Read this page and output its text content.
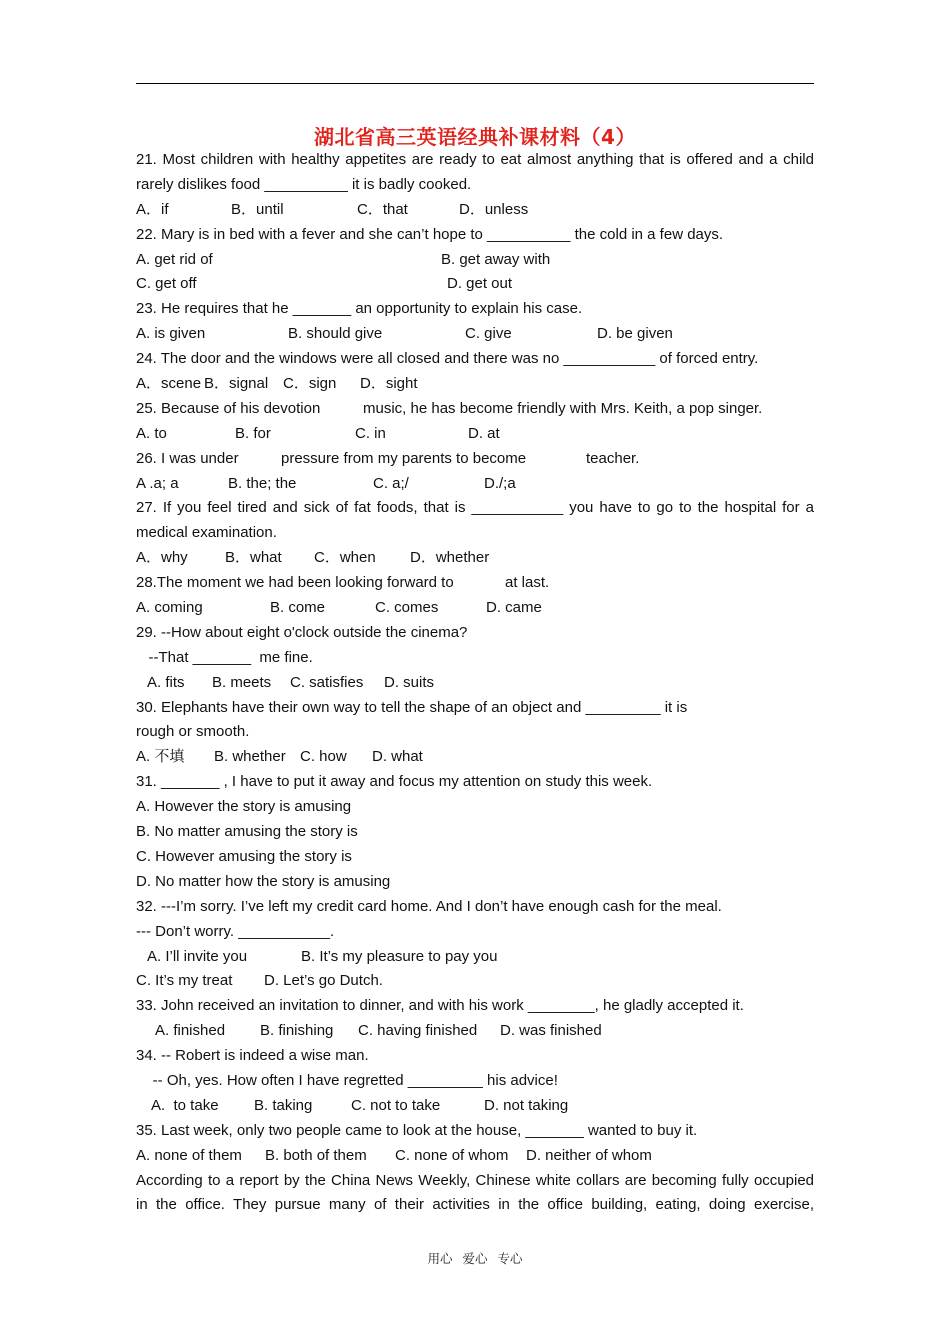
湖北省高三英语经典补课材料（4）
21. Most children with healthy appetites are ready to eat almost anything that is offered and a child
rarely dislikes food __________ it is badly cooked.
A．if	B．until	C．that	D．unless
22. Mary is in bed with a fever and she can’t hope to __________ the cold in a few days.
A. get rid of	B. get away with
C. get off	D. get out
23. He requires that he _______ an opportunity to explain his case.
A. is given	B. should give	C. give	D. be given
24. The door and the windows were all closed and there was no ___________ of forced entry.
A．scene B．signal C．sign D．sight
25. Because of his devotion	music, he has become friendly with Mrs. Keith, a pop singer.
A. to	B. for	C. in	D. at
26. I was under	pressure from my parents to become	teacher.
A .a; a	B. the; the	C. a;/	D./;a
27. If you feel tired and sick of fat foods, that is ___________ you have to go to the hospital for a
medical examination.
A．why B．what C．when D．whether
28.The moment we had been looking forward to	at last.
A. coming	B. come	C. comes	D. came
29. --How about eight o'clock outside the cinema?
--That _______  me fine.
A. fits B. meets C. satisfies D. suits
30. Elephants have their own way to tell the shape of an object and _________ it is
rough or smooth.
A. 不填 B. whether C. how D. what
31. _______ , I have to put it away and focus my attention on study this week.
A. However the story is amusing
B. No matter amusing the story is
C. However amusing the story is
D. No matter how the story is amusing
32. ---I’m sorry. I’ve left my credit card home. And I don’t have enough cash for the meal.
--- Don’t worry. ___________.
A. I’ll invite you	B. It’s my pleasure to pay you
C. It’s my treat D. Let’s go Dutch.
33. John received an invitation to dinner, and with his work ________, he gladly accepted it.
A. finished B. finishing C. having finished D. was finished
34. -- Robert is indeed a wise man.
-- Oh, yes. How often I have regretted _________ his advice!
A.  to take B. taking	C. not to take	D. not taking
35. Last week, only two people came to look at the house, _______ wanted to buy it.
A. none of them B. both of them C. none of whom D. neither of whom
According to a report by the China News Weekly, Chinese white collars are becoming fully occupied
in the office. They pursue many of their activities in the office building, eating, doing exercise,
用心 爱心 专心
